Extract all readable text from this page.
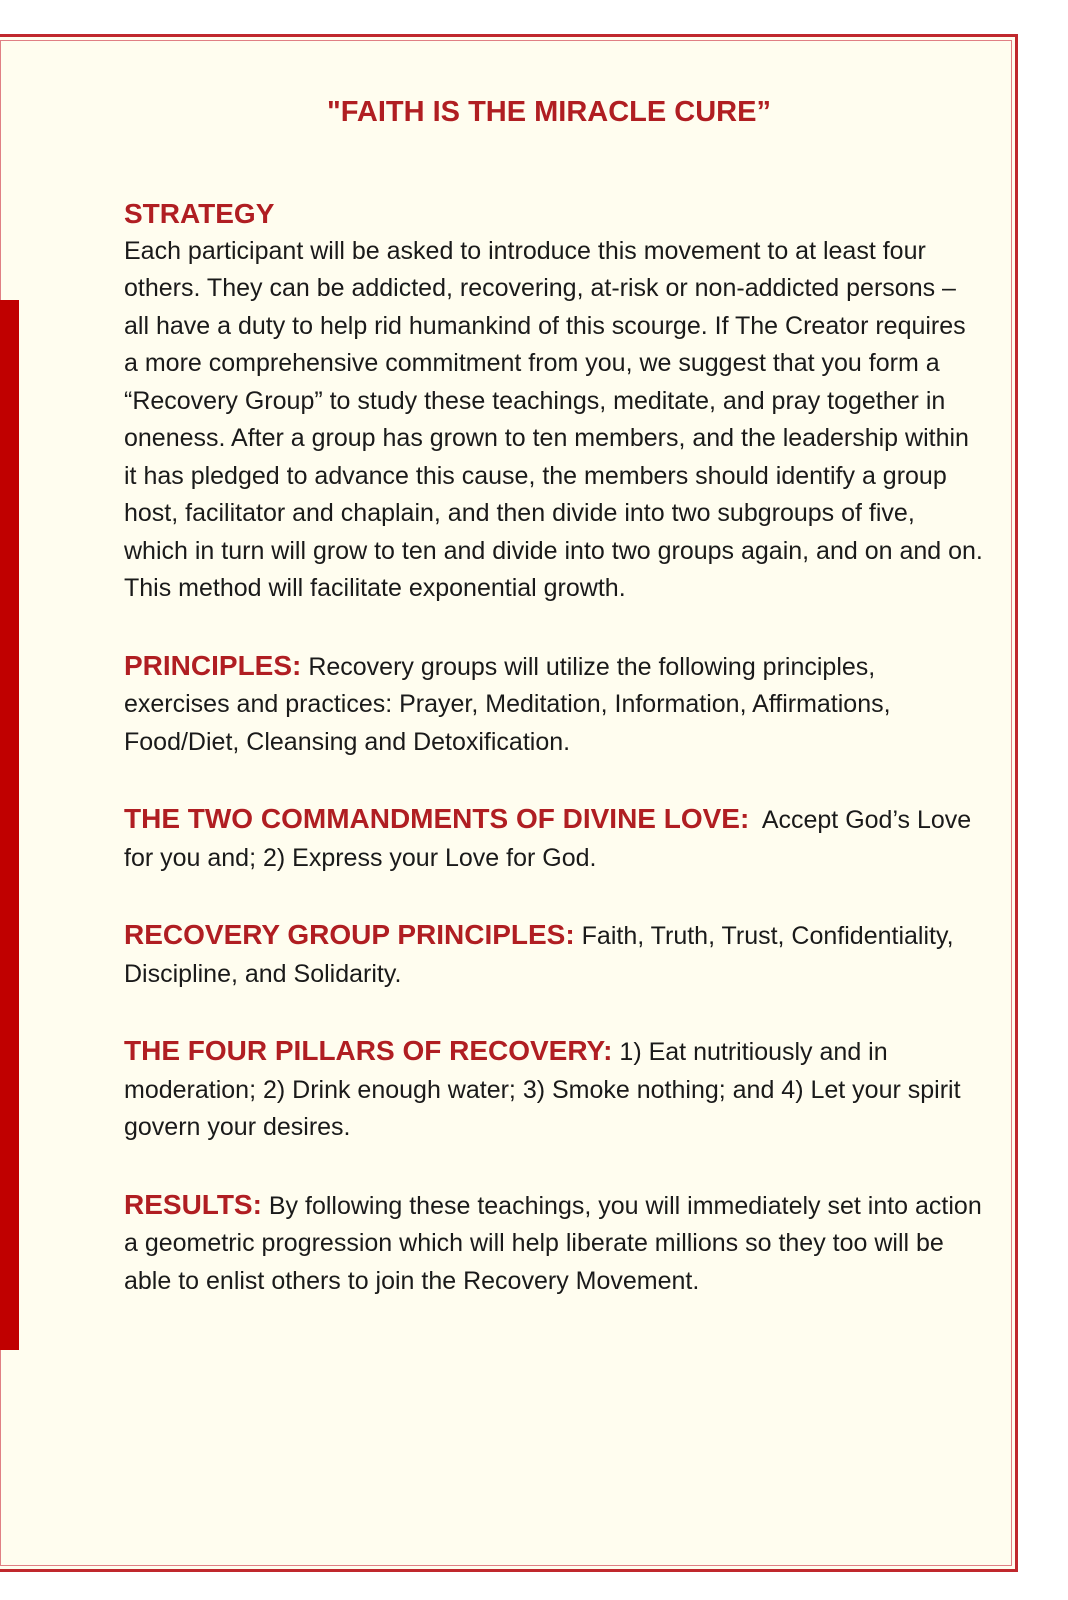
"FAITH IS THE MIRACLE CURE”
STRATEGY
Each participant will be asked to introduce this movement to at least four others. They can be addicted, recovering, at-risk or non-addicted persons – all have a duty to help rid humankind of this scourge. If The Creator requires a more comprehensive commitment from you, we suggest that you form a “Recovery Group” to study these teachings, meditate, and pray together in oneness. After a group has grown to ten members, and the leadership within it has pledged to advance this cause, the members should identify a group host, facilitator and chaplain, and then divide into two subgroups of five, which in turn will grow to ten and divide into two groups again, and on and on. This method will facilitate exponential growth.
PRINCIPLES: Recovery groups will utilize the following principles, exercises and practices: Prayer, Meditation, Information, Affirmations, Food/Diet, Cleansing and Detoxification.
THE TWO COMMANDMENTS OF DIVINE LOVE: Accept God’s Love for you and; 2) Express your Love for God.
RECOVERY GROUP PRINCIPLES: Faith, Truth, Trust, Confidentiality, Discipline, and Solidarity.
THE FOUR PILLARS OF RECOVERY: 1) Eat nutritiously and in moderation; 2) Drink enough water; 3) Smoke nothing; and 4) Let your spirit govern your desires.
RESULTS: By following these teachings, you will immediately set into action a geometric progression which will help liberate millions so they too will be able to enlist others to join the Recovery Movement.
